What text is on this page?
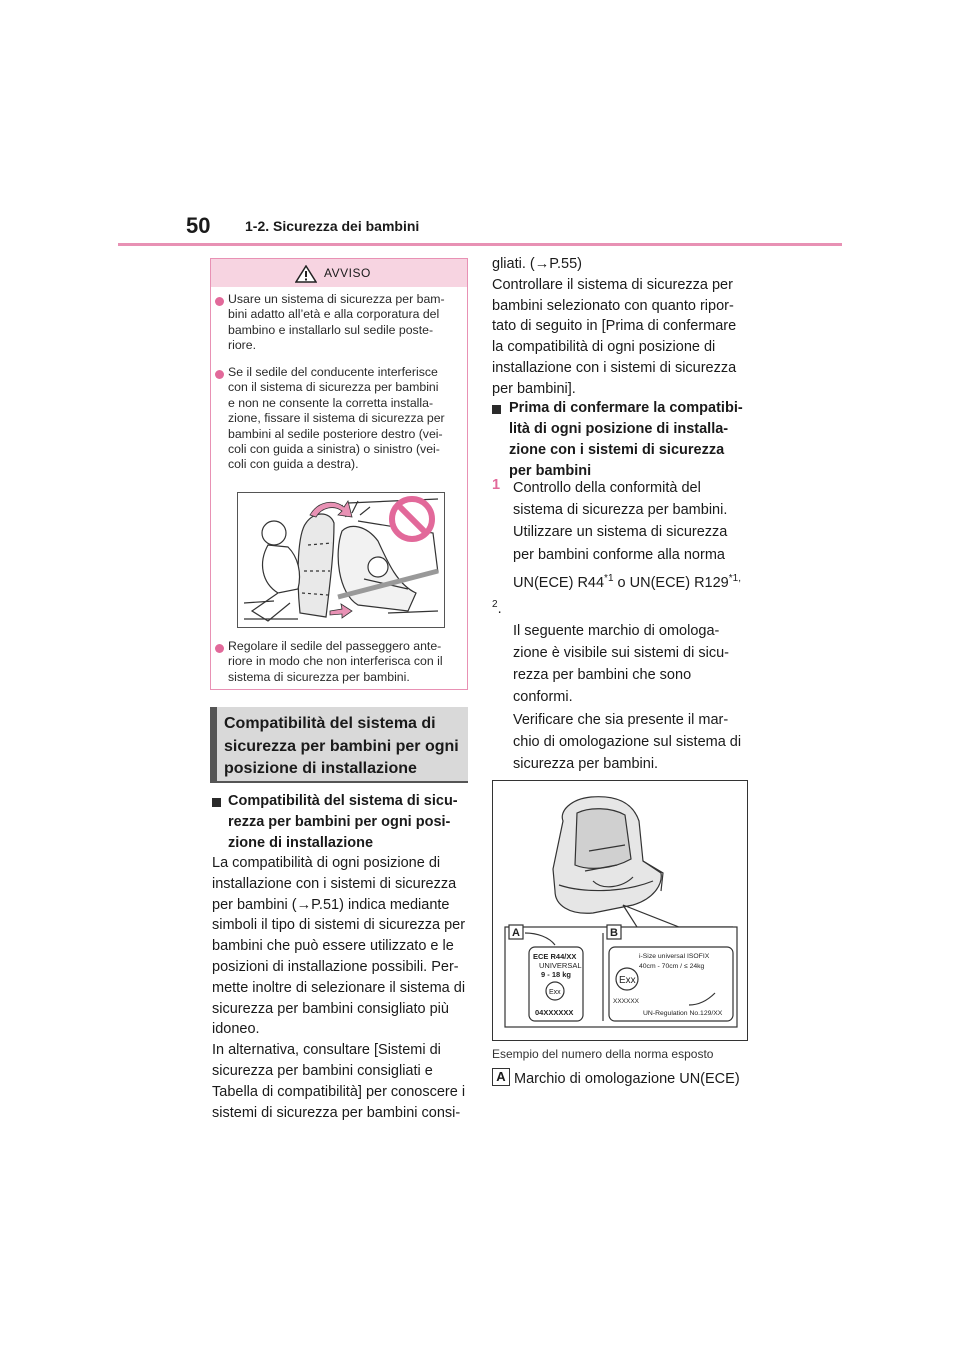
50 1-2. Sicurezza dei bambini
AVVISO
Usare un sistema di sicurezza per bam-
bini adatto all’età e alla corporatura del
bambino e installarlo sul sedile poste-
riore.
Se il sedile del conducente interferisce
con il sistema di sicurezza per bambini
e non ne consente la corretta installa-
zione, fissare il sistema di sicurezza per
bambini al sedile posteriore destro (vei-
coli con guida a sinistra) o sinistro (vei-
coli con guida a destra).
Regolare il sedile del passeggero ante-
riore in modo che non interferisca con il
sistema di sicurezza per bambini.
Compatibilità del sistema di
sicurezza per bambini per ogni
posizione di installazione
Compatibilità del sistema di sicu-
rezza per bambini per ogni posi-
zione di installazione
La compatibilità di ogni posizione di
installazione con i sistemi di sicurezza
per bambini (→P.51) indica mediante
simboli il tipo di sistemi di sicurezza per
bambini che può essere utilizzato e le
posizioni di installazione possibili. Per-
mette inoltre di selezionare il sistema di
sicurezza per bambini consigliato più
idoneo.
In alternativa, consultare [Sistemi di
sicurezza per bambini consigliati e
Tabella di compatibilità] per conoscere i
sistemi di sicurezza per bambini consi-
gliati. (→P.55)
Controllare il sistema di sicurezza per
bambini selezionato con quanto ripor-
tato di seguito in [Prima di confermare
la compatibilità di ogni posizione di
installazione con i sistemi di sicurezza
per bambini].
Prima di confermare la compatibi-
lità di ogni posizione di installa-
zione con i sistemi di sicurezza
per bambini
1 Controllo della conformità del
sistema di sicurezza per bambini.
Utilizzare un sistema di sicurezza
per bambini conforme alla norma
UN(ECE) R44$^{*1}$ o UN(ECE) $R129^{*1,}$
$^2$.
Il seguente marchio di omologa-
zione è visibile sui sistemi di sicu-
rezza per bambini che sono
conformi.
Verificare che sia presente il mar-
chio di omologazione sul sistema di
sicurezza per bambini.
A	B
ECE R44/XX
UNIVERSAL
9 - 18 kg
Exx
04XXXXXX
i-Size universal ISOFIX
40cm - 70cm / ≤ 24kg
Exx
XXXXXX
UN-Regulation No.129/XX
Esempio del numero della norma esposto
A Marchio di omologazione UN(ECE)
